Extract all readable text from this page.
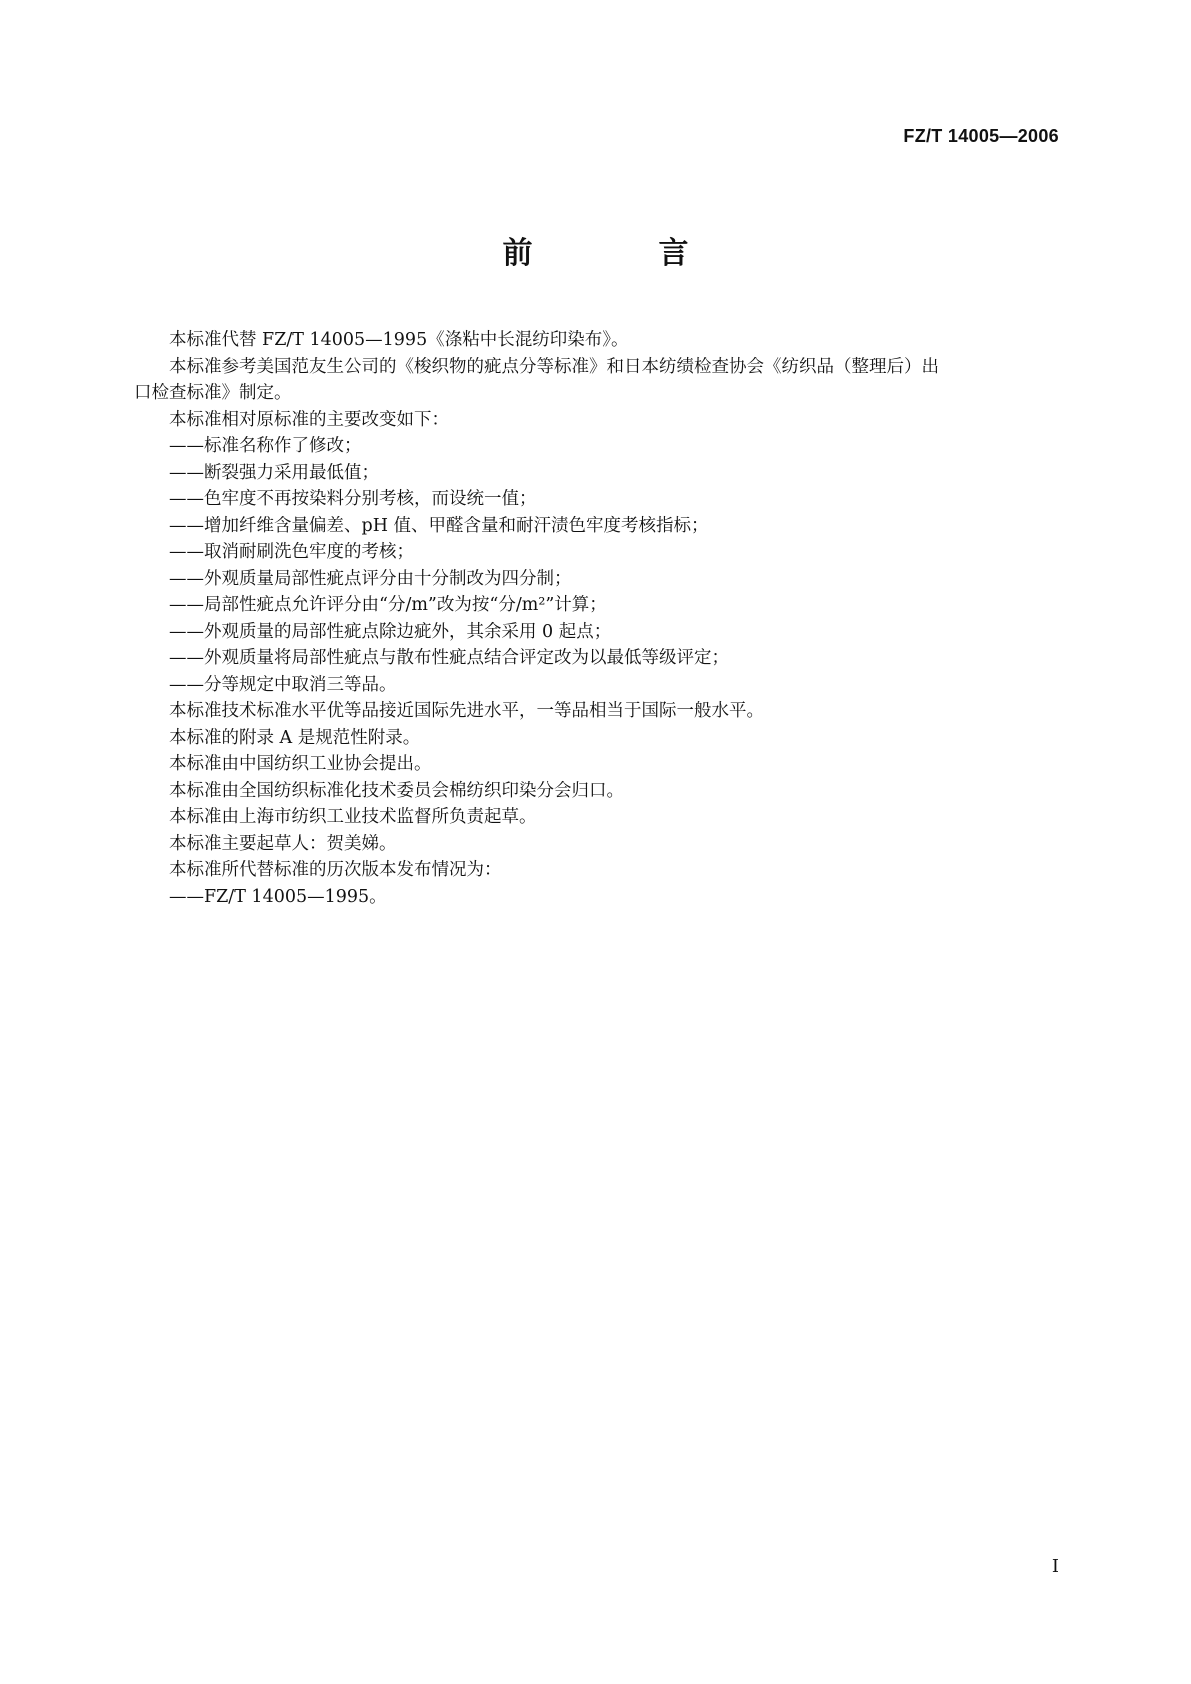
FZ/T 14005—2006
前　言

本标准代替 FZ/T 14005—1995《涤粘中长混纺印染布》。

本标准参考美国范友生公司的《梭织物的疵点分等标准》和日本纺绩检查协会《纺织品（整理后）出

口检查标准》制定。

本标准相对原标准的主要改变如下：

——标准名称作了修改；

——断裂强力采用最低值；

——色牢度不再按染料分别考核，而设统一值；

——增加纤维含量偏差、pH 值、甲醛含量和耐汗渍色牢度考核指标；

——取消耐刷洗色牢度的考核；

——外观质量局部性疵点评分由十分制改为四分制；

——局部性疵点允许评分由“分/m”改为按“分/m²”计算；

——外观质量的局部性疵点除边疵外，其余采用 0 起点；

——外观质量将局部性疵点与散布性疵点结合评定改为以最低等级评定；

——分等规定中取消三等品。

本标准技术标准水平优等品接近国际先进水平，一等品相当于国际一般水平。

本标准的附录 A 是规范性附录。

本标准由中国纺织工业协会提出。

本标准由全国纺织标准化技术委员会棉纺织印染分会归口。

本标准由上海市纺织工业技术监督所负责起草。

本标准主要起草人：贺美娣。

本标准所代替标准的历次版本发布情况为：

——FZ/T 14005—1995。

I
